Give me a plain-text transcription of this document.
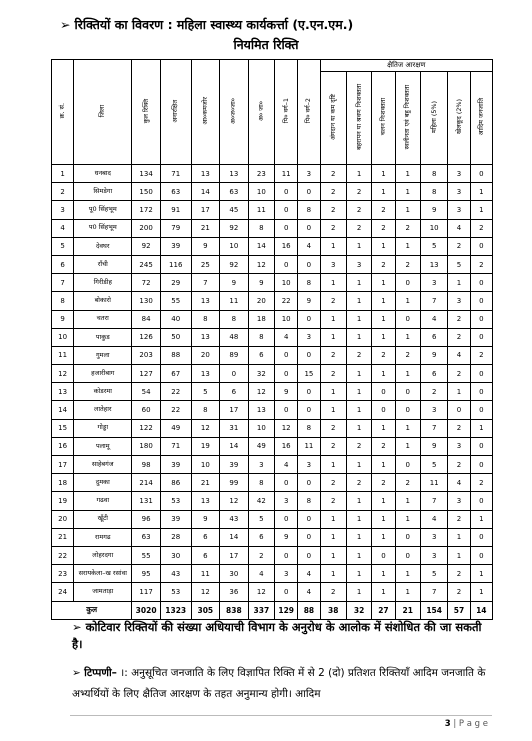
➢ रिक्तियों का विवरण : महिला स्वास्थ्य कार्यकर्त्ता (ए.एन.एम.)
नियमित रिक्ति
क्र. सं.	जिला	कुल रिक्ति	अनारक्षित	आ०कमजोर	अ०ज०जा०	अ० जा०	पि० वर्ग–1	पि० वर्ग–2	क्षैतिज आरक्षण						
									अंगदान या कम दृष्टि	बहरापन या श्रवण निःशक्तता	चलन निःशक्तता	स्वलीनता एवं बहु निःशक्तता	महिला (5%)	खेलकूद (2%)	आदिम जनजाति
1	धनबाद	134	71	13	13	23	11	3	2	1	1	1	8	3	0
2	सिमडेगा	150	63	14	63	10	0	0	2	2	1	1	8	3	1
3	पू0 सिंहभूम	172	91	17	45	11	0	8	2	2	2	1	9	3	1
4	प0 सिंहभूम	200	79	21	92	8	0	0	2	2	2	2	10	4	2
5	देवघर	92	39	9	10	14	16	4	1	1	1	1	5	2	0
6	राँची	245	116	25	92	12	0	0	3	3	2	2	13	5	2
7	गिरीडीह	72	29	7	9	9	10	8	1	1	1	0	3	1	0
8	बोकारो	130	55	13	11	20	22	9	2	1	1	1	7	3	0
9	चतरा	84	40	8	8	18	10	0	1	1	1	0	4	2	0
10	पाकुड	126	50	13	48	8	4	3	1	1	1	1	6	2	0
11	गुमला	203	88	20	89	6	0	0	2	2	2	2	9	4	2
12	हजारीबाग	127	67	13	0	32	0	15	2	1	1	1	6	2	0
13	कोडरमा	54	22	5	6	12	9	0	1	1	0	0	2	1	0
14	लातेहार	60	22	8	17	13	0	0	1	1	0	0	3	0	0
15	गोड्डा	122	49	12	31	10	12	8	2	1	1	1	7	2	1
16	पलामू	180	71	19	14	49	16	11	2	2	2	1	9	3	0
17	साहेबगंज	98	39	10	39	3	4	3	1	1	1	0	5	2	0
18	दुमका	214	86	21	99	8	0	0	2	2	2	2	11	4	2
19	गढवा	131	53	13	12	42	3	8	2	1	1	1	7	3	0
20	खूँटी	96	39	9	43	5	0	0	1	1	1	1	4	2	1
21	रामगढ	63	28	6	14	6	9	0	1	1	1	0	3	1	0
22	लोहरदगा	55	30	6	17	2	0	0	1	1	0	0	3	1	0
23	सरायकेला–ख रसांवा	95	43	11	30	4	3	4	1	1	1	1	5	2	1
24	जामताड़ा	117	53	12	36	12	0	4	2	1	1	1	7	2	1
कुल		3020	1323	305	838	337	129	88	38	32	27	21	154	57	14
➢ कोटिवार रिक्तियों की संख्या अधियाची विभाग के अनुरोध के आलोक में संशोधित की जा सकती है।
➢ टिप्पणी– ।: अनुसूचित जनजाति के लिए विज्ञापित रिक्ति में से 2 (दो) प्रतिशत रिक्तियाँ आदिम जनजाति के अभ्यर्थियों के लिए क्षैतिज आरक्षण के तहत अनुमान्य होगी। आदिम
3 | P a g e
